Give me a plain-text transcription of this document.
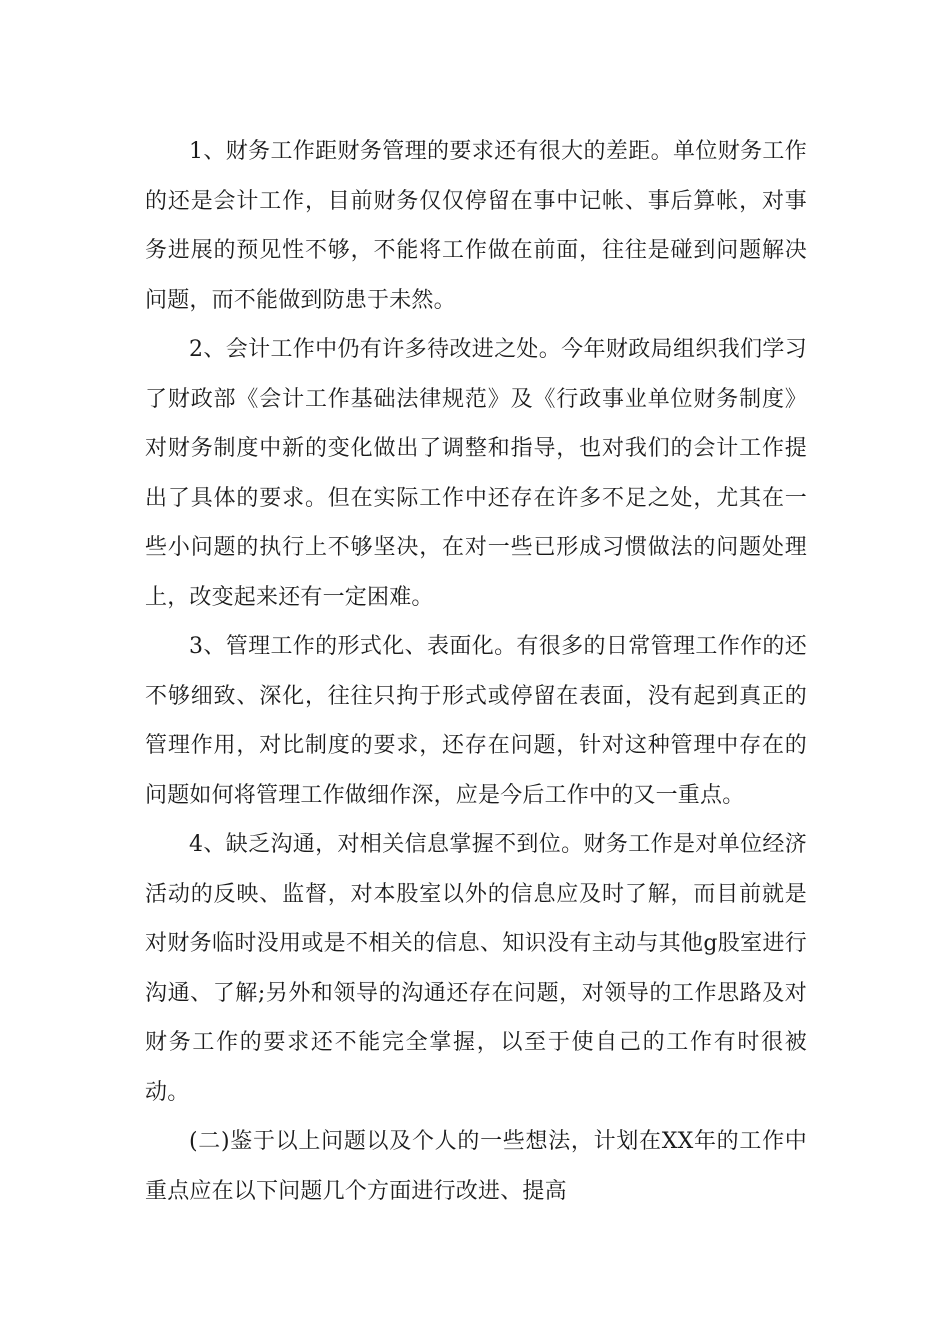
1、财务工作距财务管理的要求还有很大的差距。单位财务工作的还是会计工作，目前财务仅仅停留在事中记帐、事后算帐，对事务进展的预见性不够，不能将工作做在前面，往往是碰到问题解决问题，而不能做到防患于未然。

2、会计工作中仍有许多待改进之处。今年财政局组织我们学习了财政部《会计工作基础法律规范》及《行政事业单位财务制度》对财务制度中新的变化做出了调整和指导，也对我们的会计工作提出了具体的要求。但在实际工作中还存在许多不足之处，尤其在一些小问题的执行上不够坚决，在对一些已形成习惯做法的问题处理上，改变起来还有一定困难。

3、管理工作的形式化、表面化。有很多的日常管理工作作的还不够细致、深化，往往只拘于形式或停留在表面，没有起到真正的管理作用，对比制度的要求，还存在问题，针对这种管理中存在的问题如何将管理工作做细作深，应是今后工作中的又一重点。

4、缺乏沟通，对相关信息掌握不到位。财务工作是对单位经济活动的反映、监督，对本股室以外的信息应及时了解，而目前就是对财务临时没用或是不相关的信息、知识没有主动与其他g股室进行沟通、了解;另外和领导的沟通还存在问题，对领导的工作思路及对财务工作的要求还不能完全掌握，以至于使自己的工作有时很被动。

(二)鉴于以上问题以及个人的一些想法，计划在XX年的工作中重点应在以下问题几个方面进行改进、提高
